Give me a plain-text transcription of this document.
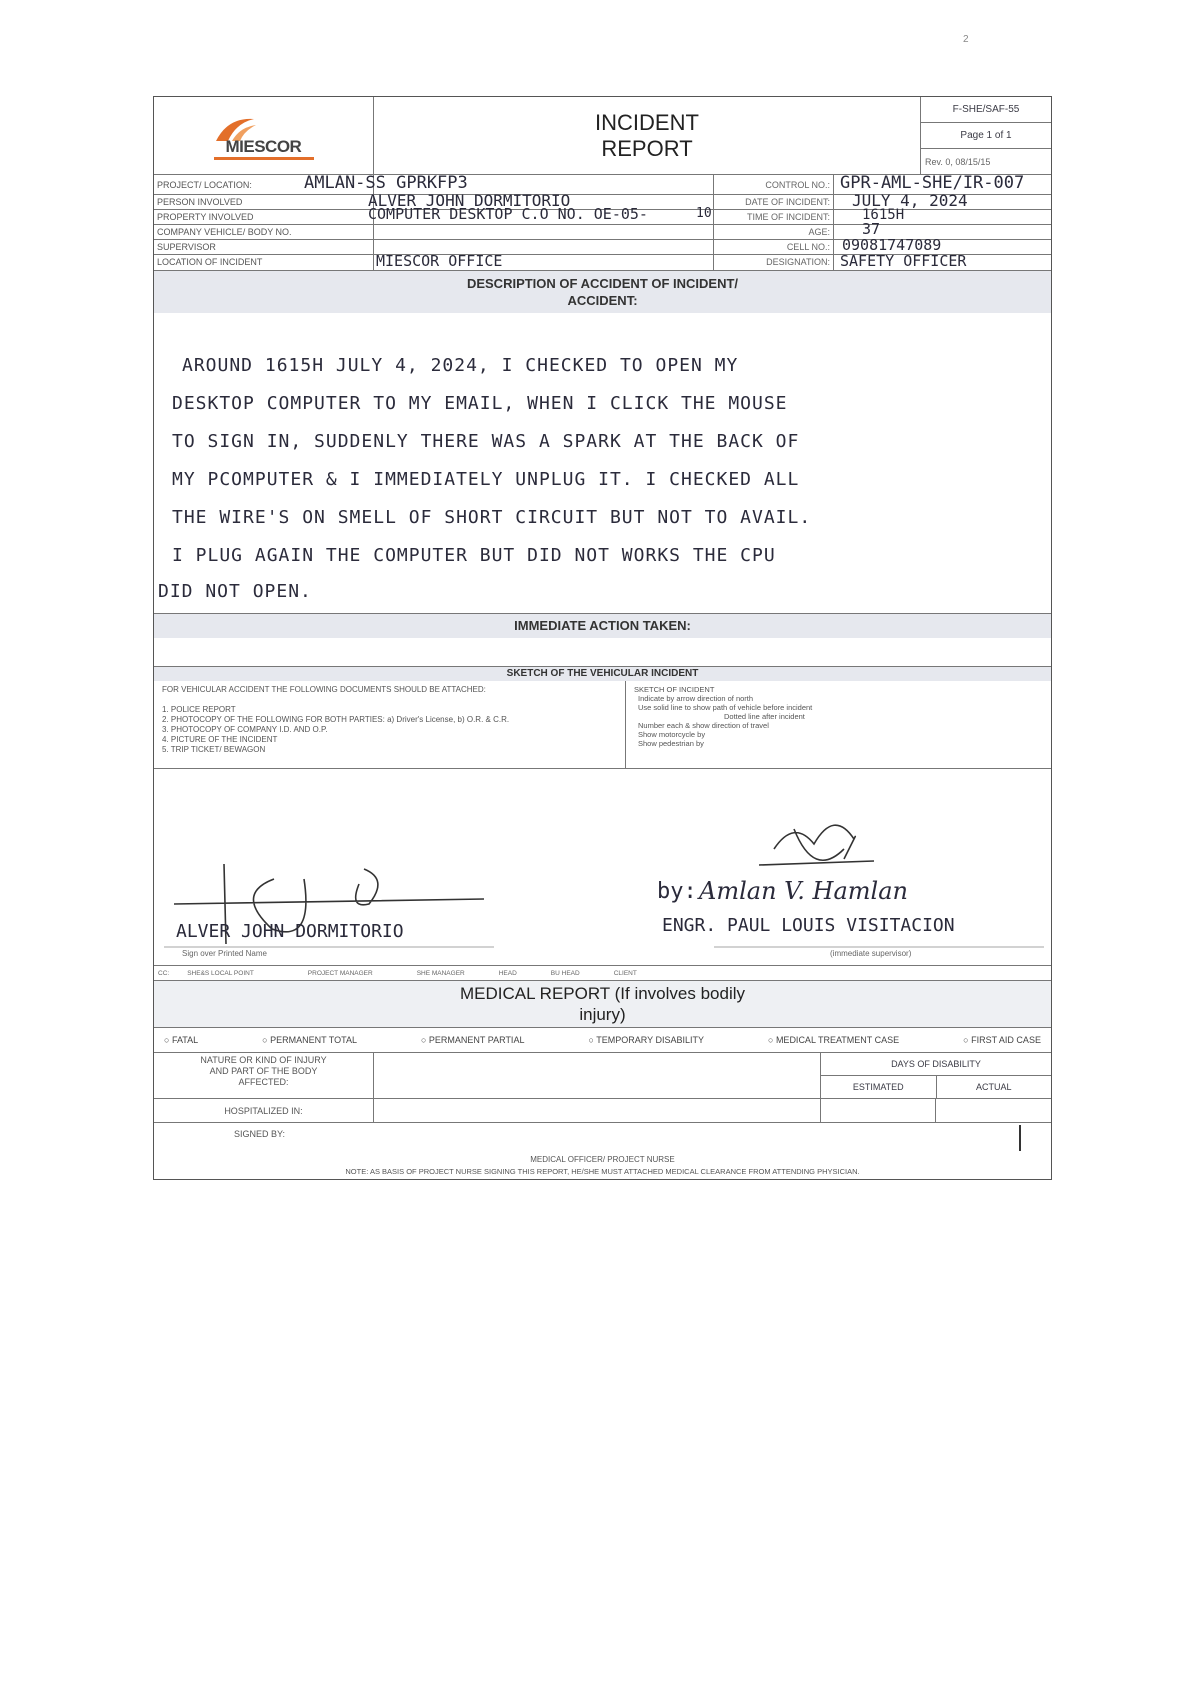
2
MIESCOR
INCIDENT
REPORT
F-SHE/SAF-55
Page 1 of 1
Rev. 0, 08/15/15
PROJECT/ LOCATION:	AMLAN-SS GPRKFP3	CONTROL NO.: GPR-AML-SHE/IR-007
PERSON INVOLVED	ALVER JOHN DORMITORIO	DATE OF INCIDENT: JULY 4, 2024
PROPERTY INVOLVED	COMPUTER DESKTOP C.O NO. OE-05-	10	TIME OF INCIDENT: 1615H
COMPANY VEHICLE/ BODY NO.	AGE: 37
SUPERVISOR	CELL NO.: 09081747089
LOCATION OF INCIDENT	MIESCOR OFFICE	DESIGNATION: SAFETY OFFICER
DESCRIPTION OF ACCIDENT OF INCIDENT/
ACCIDENT:
AROUND 1615H JULY 4, 2024, I CHECKED TO OPEN MY
DESKTOP COMPUTER TO MY EMAIL, WHEN I CLICK THE MOUSE
TO SIGN IN, SUDDENLY THERE WAS A SPARK AT THE BACK OF
MY PCOMPUTER & I IMMEDIATELY UNPLUG IT. I CHECKED ALL
THE WIRE'S ON SMELL OF SHORT CIRCUIT BUT NOT TO AVAIL.
I PLUG AGAIN THE COMPUTER BUT DID NOT WORKS THE CPU
DID NOT OPEN.
IMMEDIATE ACTION TAKEN:
SKETCH OF THE VEHICULAR INCIDENT
FOR VEHICULAR ACCIDENT THE FOLLOWING DOCUMENTS SHOULD BE ATTACHED:
1. POLICE REPORT
2. PHOTOCOPY OF THE FOLLOWING FOR BOTH PARTIES: a) Driver's License, b) O.R. & C.R.
3. PHOTOCOPY OF COMPANY I.D. AND O.P.
4. PICTURE OF THE INCIDENT
5. TRIP TICKET/ BEWAGON
SKETCH OF INCIDENT
Indicate by arrow direction of north
Use solid line to show path of vehicle before incident
Dotted line after incident
Number each & show direction of travel
Show motorcycle by
Show pedestrian by
ALVER JOHN DORMITORIO
Sign over Printed Name
by: Amlan V. Hamlan
ENGR. PAUL LOUIS VISITACION
(immediate supervisor)
CC:	SHE&S LOCAL POINT	PROJECT MANAGER	SHE MANAGER	HEAD	BU HEAD	CLIENT
MEDICAL REPORT (If involves bodily
injury)
○ FATAL	○ PERMANENT TOTAL	○ PERMANENT PARTIAL	○ TEMPORARY DISABILITY	○ MEDICAL TREATMENT CASE	○ FIRST AID CASE
NATURE OR KIND OF INJURY
AND PART OF THE BODY
AFFECTED:
DAYS OF DISABILITY
ESTIMATED	ACTUAL
HOSPITALIZED IN:
SIGNED BY:
MEDICAL OFFICER/ PROJECT NURSE
NOTE: AS BASIS OF PROJECT NURSE SIGNING THIS REPORT, HE/SHE MUST ATTACHED MEDICAL CLEARANCE FROM ATTENDING PHYSICIAN.
